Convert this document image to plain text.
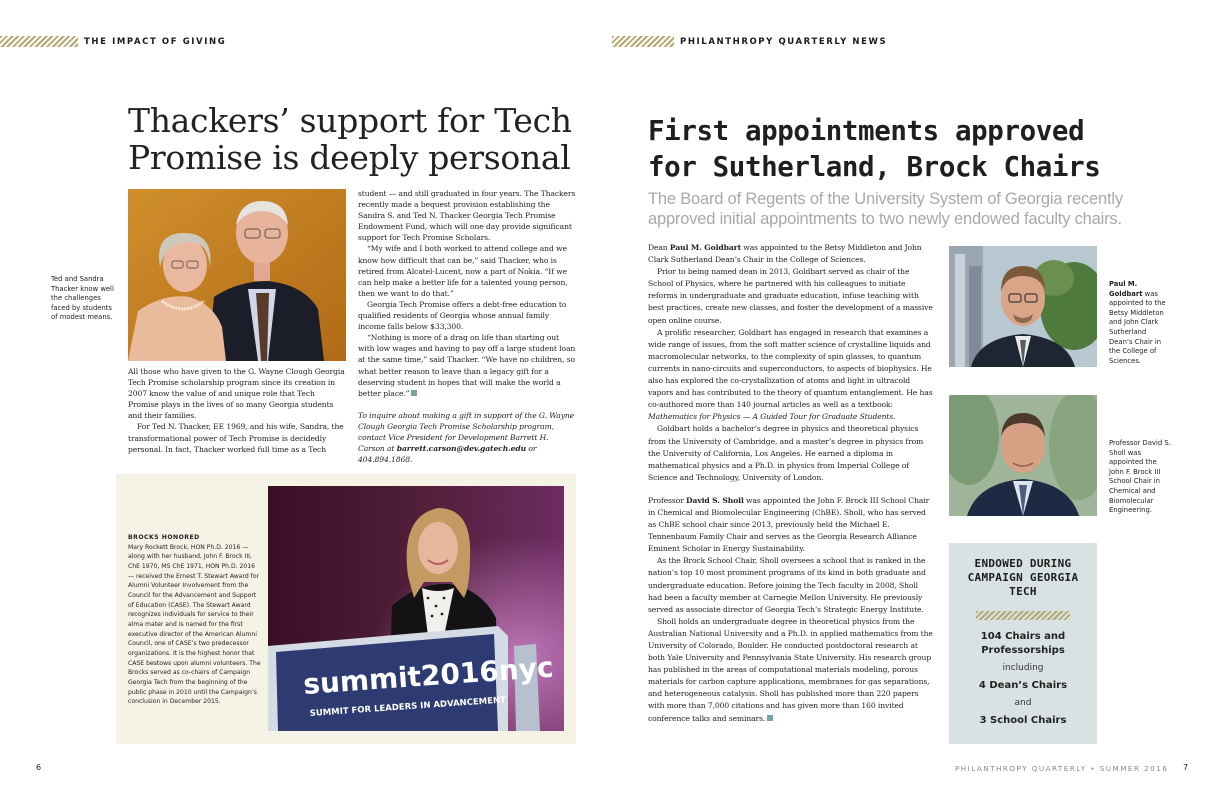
THE IMPACT OF GIVING
Thackers’ support for Tech
Promise is deeply personal
Ted and Sandra Thacker know well the challenges faced by students of modest means.

All those who have given to the G. Wayne Clough Georgia Tech Promise scholarship program since its creation in 2007 know the value of and unique role that Tech Promise plays in the lives of so many Georgia students and their families.

For Ted N. Thacker, EE 1969, and his wife, Sandra, the transformational power of Tech Promise is decidedly personal. In fact, Thacker worked full time as a Tech

student — and still graduated in four years. The Thackers recently made a bequest provision establishing the Sandra S. and Ted N. Thacker Georgia Tech Promise Endowment Fund, which will one day provide significant support for Tech Promise Scholars.

“My wife and I both worked to attend college and we know how difficult that can be,” said Thacker, who is retired from Alcatel-Lucent, now a part of Nokia. “If we can help make a better life for a talented young person, then we want to do that.”

Georgia Tech Promise offers a debt-free education to qualified residents of Georgia whose annual family income falls below $33,300.

“Nothing is more of a drag on life than starting out with low wages and having to pay off a large student loan at the same time,” said Thacker. “We have no children, so what better reason to leave than a legacy gift for a deserving student in hopes that will make the world a better place.”

To inquire about making a gift in support of the G. Wayne Clough Georgia Tech Promise Scholarship program, contact Vice President for Development Barrett H. Carson at barrett.carson@dev.gatech.edu or 404.894.1868.

BROCKS HONORED
Mary Rockett Brock, HON Ph.D. 2016 — along with her husband, John F. Brock III, ChE 1970, MS ChE 1971, HON Ph.D. 2016 — received the Ernest T. Stewart Award for Alumni Volunteer Involvement from the Council for the Advancement and Support of Education (CASE). The Stewart Award recognizes individuals for service to their alma mater and is named for the first executive director of the American Alumni Council, one of CASE’s two predecessor organizations. It is the highest honor that CASE bestows upon alumni volunteers. The Brocks served as co-chairs of Campaign Georgia Tech from the beginning of the public phase in 2010 until the Campaign’s conclusion in December 2015.
summit2016nyc
SUMMIT FOR LEADERS IN ADVANCEMENT
6
PHILANTHROPY QUARTERLY NEWS
First appointments approved
for Sutherland, Brock Chairs
The Board of Regents of the University System of Georgia recently approved initial appointments to two newly endowed faculty chairs.

Dean Paul M. Goldbart was appointed to the Betsy Middleton and John Clark Sutherland Dean’s Chair in the College of Sciences.

Prior to being named dean in 2013, Goldbart served as chair of the School of Physics, where he partnered with his colleagues to initiate reforms in undergraduate and graduate education, infuse teaching with best practices, create new classes, and foster the development of a massive open online course.

A prolific researcher, Goldbart has engaged in research that examines a wide range of issues, from the soft matter science of crystalline liquids and macromolecular networks, to the complexity of spin glasses, to quantum currents in nano-circuits and superconductors, to aspects of biophysics. He also has explored the co-crystallization of atoms and light in ultracold vapors and has contributed to the theory of quantum entanglement. He has co-authored more than 140 journal articles as well as a textbook: Mathematics for Physics — A Guided Tour for Graduate Students.

Goldbart holds a bachelor’s degree in physics and theoretical physics from the University of Cambridge, and a master’s degree in physics from the University of California, Los Angeles. He earned a diploma in mathematical physics and a Ph.D. in physics from Imperial College of Science and Technology, University of London.

Professor David S. Sholl was appointed the John F. Brock III School Chair in Chemical and Biomolecular Engineering (ChBE). Sholl, who has served as ChBE school chair since 2013, previously held the Michael E. Tennenbaum Family Chair and serves as the Georgia Research Alliance Eminent Scholar in Energy Sustainability.

As the Brock School Chair, Sholl oversees a school that is ranked in the nation’s top 10 most prominent programs of its kind in both graduate and undergraduate education. Before joining the Tech faculty in 2008, Sholl had been a faculty member at Carnegie Mellon University. He previously served as associate director of Georgia Tech’s Strategic Energy Institute.

Sholl holds an undergraduate degree in theoretical physics from the Australian National University and a Ph.D. in applied mathematics from the University of Colorado, Boulder. He conducted postdoctoral research at both Yale University and Pennsylvania State University. His research group has published in the areas of computational materials modeling, porous materials for carbon capture applications, membranes for gas separations, and heterogeneous catalysis. Sholl has published more than 220 papers with more than 7,000 citations and has given more than 160 invited conference talks and seminars.

Paul M. Goldbart was appointed to the Betsy Middleton and John Clark Sutherland Dean’s Chair in the College of Sciences.
Professor David S. Sholl was appointed the John F. Brock III School Chair in Chemical and Biomolecular Engineering.
ENDOWED DURING CAMPAIGN GEORGIA TECH
104 Chairs and Professorships
including
4 Dean’s Chairs
and
3 School Chairs
PHILANTHROPY QUARTERLY • SUMMER 2016 7
